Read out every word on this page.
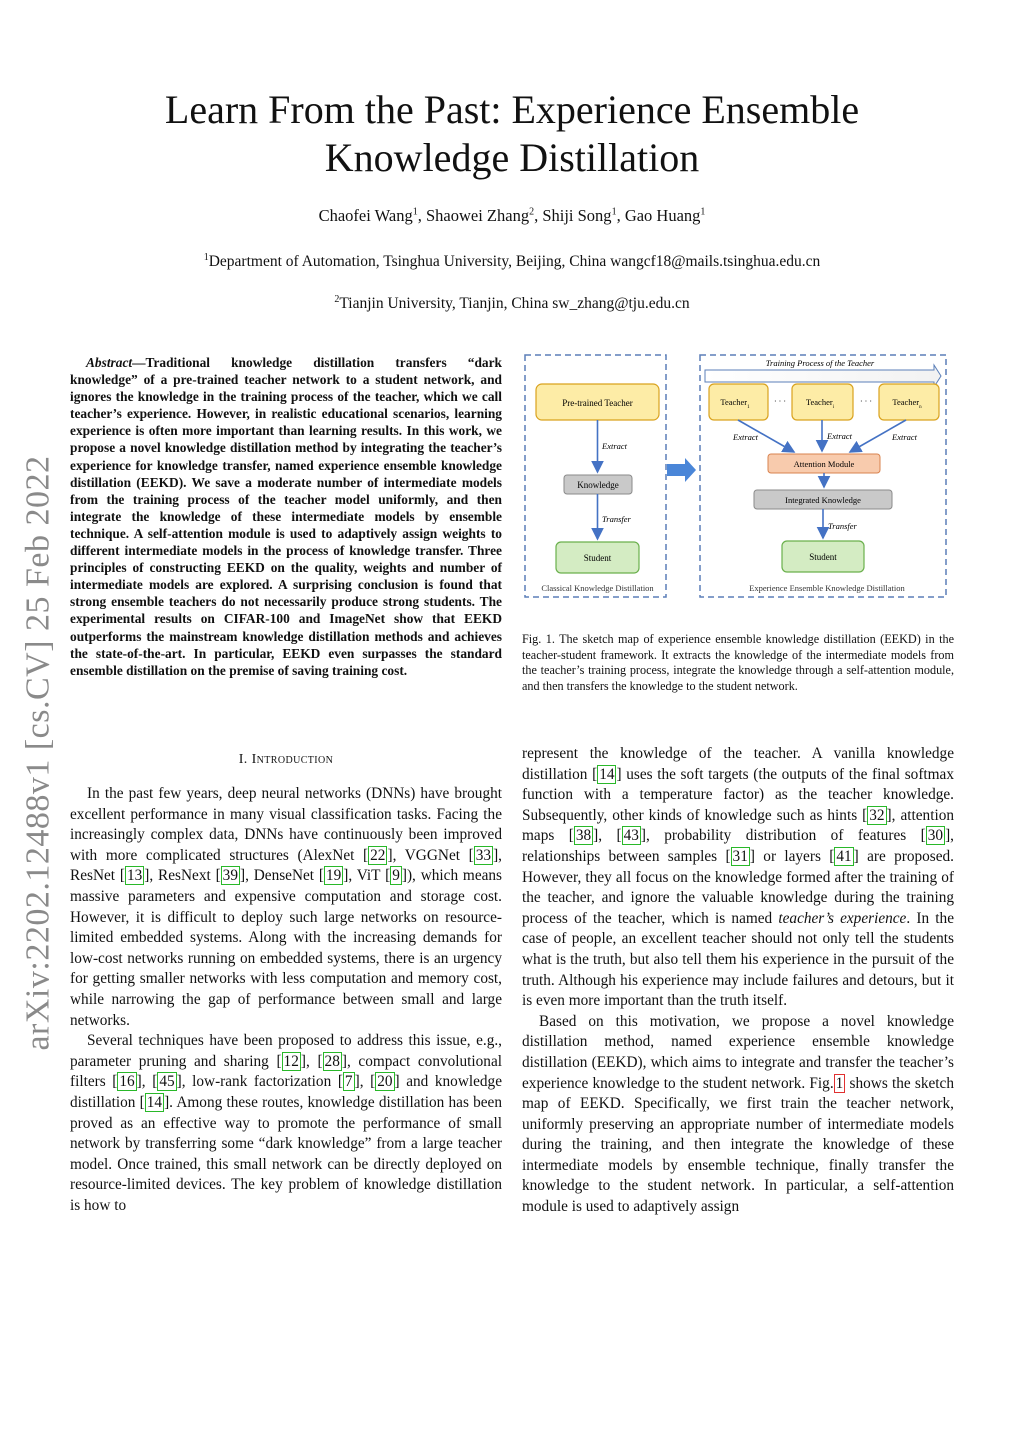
arXiv:2202.12488v1 [cs.CV] 25 Feb 2022
Learn From the Past: Experience Ensemble
Knowledge Distillation
Chaofei Wang$^1$, Shaowei Zhang$^2$, Shiji Song$^1$, Gao Huang$^1$
$^1$Department of Automation, Tsinghua University, Beijing, China wangcf18@mails.tsinghua.edu.cn
$^2$Tianjin University, Tianjin, China sw_zhang@tju.edu.cn
Abstract—Traditional knowledge distillation transfers “dark knowledge” of a pre-trained teacher network to a student network, and ignores the knowledge in the training process of the teacher, which we call teacher’s experience. However, in realistic educational scenarios, learning experience is often more important than learning results. In this work, we propose a novel knowledge distillation method by integrating the teacher’s experience for knowledge transfer, named experience ensemble knowledge distillation (EEKD). We save a moderate number of intermediate models from the training process of the teacher model uniformly, and then integrate the knowledge of these intermediate models by ensemble technique. A self-attention module is used to adaptively assign weights to different intermediate models in the process of knowledge transfer. Three principles of constructing EEKD on the quality, weights and number of intermediate models are explored. A surprising conclusion is found that strong ensemble teachers do not necessarily produce strong students. The experimental results on CIFAR-100 and ImageNet show that EEKD outperforms the mainstream knowledge distillation methods and achieves the state-of-the-art. In particular, EEKD even surpasses the standard ensemble distillation on the premise of saving training cost.
I. Introduction

In the past few years, deep neural networks (DNNs) have brought excellent performance in many visual classification tasks. Facing the increasingly complex data, DNNs have continuously been improved with more complicated structures (AlexNet [ 22 ], VGGNet [ 33 ], ResNet [ 13 ], ResNext [ 39 ], DenseNet [ 19 ], ViT [ 9 ]), which means massive parameters and expensive computation and storage cost. However, it is difficult to deploy such large networks on resource-limited embedded systems. Along with the increasing demands for low-cost networks running on embedded systems, there is an urgency for getting smaller networks with less computation and memory cost, while narrowing the gap of performance between small and large networks.

Several techniques have been proposed to address this issue, e.g., parameter pruning and sharing [ 12 ], [ 28 ], compact convolutional filters [ 16 ], [ 45 ], low-rank factorization [ 7 ], [ 20 ] and knowledge distillation [ 14 ]. Among these routes, knowledge distillation has been proved as an effective way to promote the performance of small network by transferring some “dark knowledge” from a large teacher model. Once trained, this small network can be directly deployed on resource-limited devices. The key problem of knowledge distillation is how to

Pre-trained Teacher
Extract
Knowledge
Transfer
Student
Classical Knowledge Distillation
Training Process of the Teacher
Teacher$_1$
Teacher$_i$
Teacher$_n$
· · ·	· · ·
Extract	Extract	Extract
Attention Module
Integrated Knowledge
Transfer
Student
Experience Ensemble Knowledge Distillation
Fig. 1. The sketch map of experience ensemble knowledge distillation (EEKD) in the teacher-student framework. It extracts the knowledge of the intermediate models from the teacher’s training process, integrate the knowledge through a self-attention module, and then transfers the knowledge to the student network.

represent the knowledge of the teacher. A vanilla knowledge distillation [ 14 ] uses the soft targets (the outputs of the final softmax function with a temperature factor) as the teacher knowledge. Subsequently, other kinds of knowledge such as hints [ 32 ], attention maps [ 38 ], [ 43 ], probability distribution of features [ 30 ], relationships between samples [ 31 ] or layers [ 41 ] are proposed. However, they all focus on the knowledge formed after the training of the teacher, and ignore the valuable knowledge during the training process of the teacher, which is named teacher’s experience. In the case of people, an excellent teacher should not only tell the students what is the truth, but also tell them his experience in the pursuit of the truth. Although his experience may include failures and detours, but it is even more important than the truth itself.

Based on this motivation, we propose a novel knowledge distillation method, named experience ensemble knowledge distillation (EEKD), which aims to integrate and transfer the teacher’s experience knowledge to the student network. Fig. 1 shows the sketch map of EEKD. Specifically, we first train the teacher network, uniformly preserving an appropriate number of intermediate models during the training, and then integrate the knowledge of these intermediate models by ensemble technique, finally transfer the knowledge to the student network. In particular, a self-attention module is used to adaptively assign
